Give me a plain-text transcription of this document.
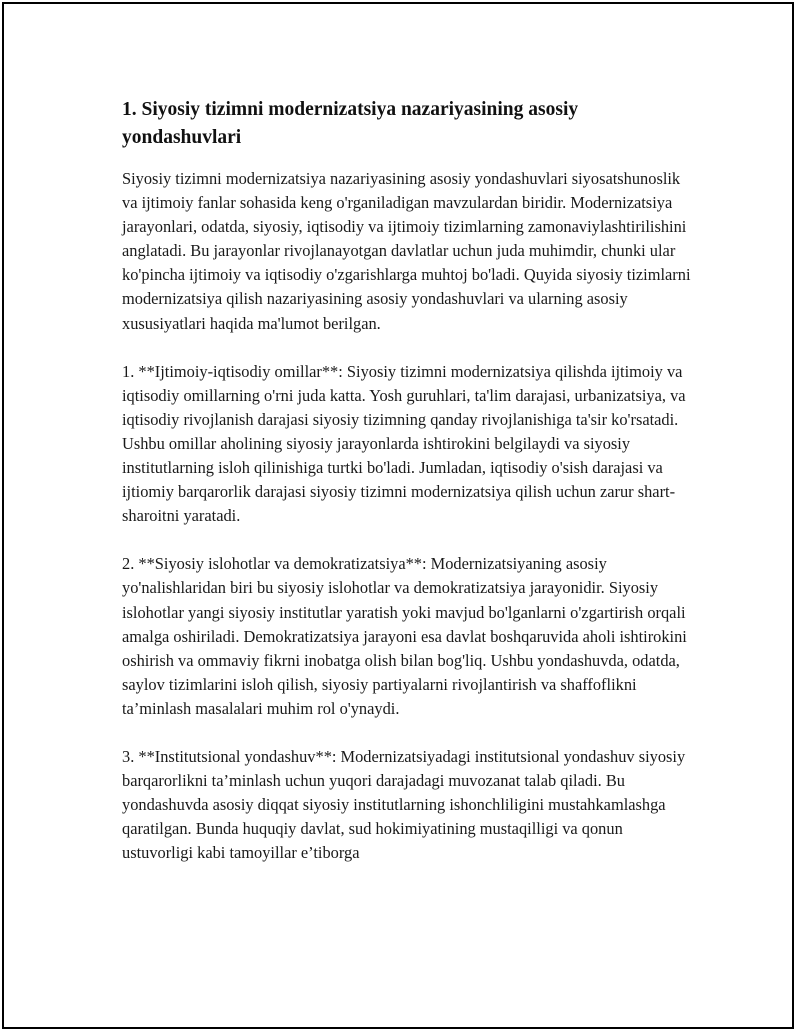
1. Siyosiy tizimni modernizatsiya nazariyasining asosiy yondashuvlari

Siyosiy tizimni modernizatsiya nazariyasining asosiy yondashuvlari siyosatshunoslik va ijtimoiy fanlar sohasida keng o'rganiladigan mavzulardan biridir. Modernizatsiya jarayonlari, odatda, siyosiy, iqtisodiy va ijtimoiy tizimlarning zamonaviylashtirilishini anglatadi. Bu jarayonlar rivojlanayotgan davlatlar uchun juda muhimdir, chunki ular ko'pincha ijtimoiy va iqtisodiy o'zgarishlarga muhtoj bo'ladi. Quyida siyosiy tizimlarni modernizatsiya qilish nazariyasining asosiy yondashuvlari va ularning asosiy xususiyatlari haqida ma'lumot berilgan.

1. **Ijtimoiy-iqtisodiy omillar**: Siyosiy tizimni modernizatsiya qilishda ijtimoiy va iqtisodiy omillarning o'rni juda katta. Yosh guruhlari, ta'lim darajasi, urbanizatsiya, va iqtisodiy rivojlanish darajasi siyosiy tizimning qanday rivojlanishiga ta'sir ko'rsatadi. Ushbu omillar aholining siyosiy jarayonlarda ishtirokini belgilaydi va siyosiy institutlarning isloh qilinishiga turtki bo'ladi. Jumladan, iqtisodiy o'sish darajasi va ijtiomiy barqarorlik darajasi siyosiy tizimni modernizatsiya qilish uchun zarur shart-sharoitni yaratadi.

2. **Siyosiy islohotlar va demokratizatsiya**: Modernizatsiyaning asosiy yo'nalishlaridan biri bu siyosiy islohotlar va demokratizatsiya jarayonidir. Siyosiy islohotlar yangi siyosiy institutlar yaratish yoki mavjud bo'lganlarni o'zgartirish orqali amalga oshiriladi. Demokratizatsiya jarayoni esa davlat boshqaruvida aholi ishtirokini oshirish va ommaviy fikrni inobatga olish bilan bog'liq. Ushbu yondashuvda, odatda, saylov tizimlarini isloh qilish, siyosiy partiyalarni rivojlantirish va shaffoflikni ta’minlash masalalari muhim rol o'ynaydi.

3. **Institutsional yondashuv**: Modernizatsiyadagi institutsional yondashuv siyosiy barqarorlikni ta’minlash uchun yuqori darajadagi muvozanat talab qiladi. Bu yondashuvda asosiy diqqat siyosiy institutlarning ishonchliligini mustahkamlashga qaratilgan. Bunda huquqiy davlat, sud hokimiyatining mustaqilligi va qonun ustuvorligi kabi tamoyillar e’tiborga
